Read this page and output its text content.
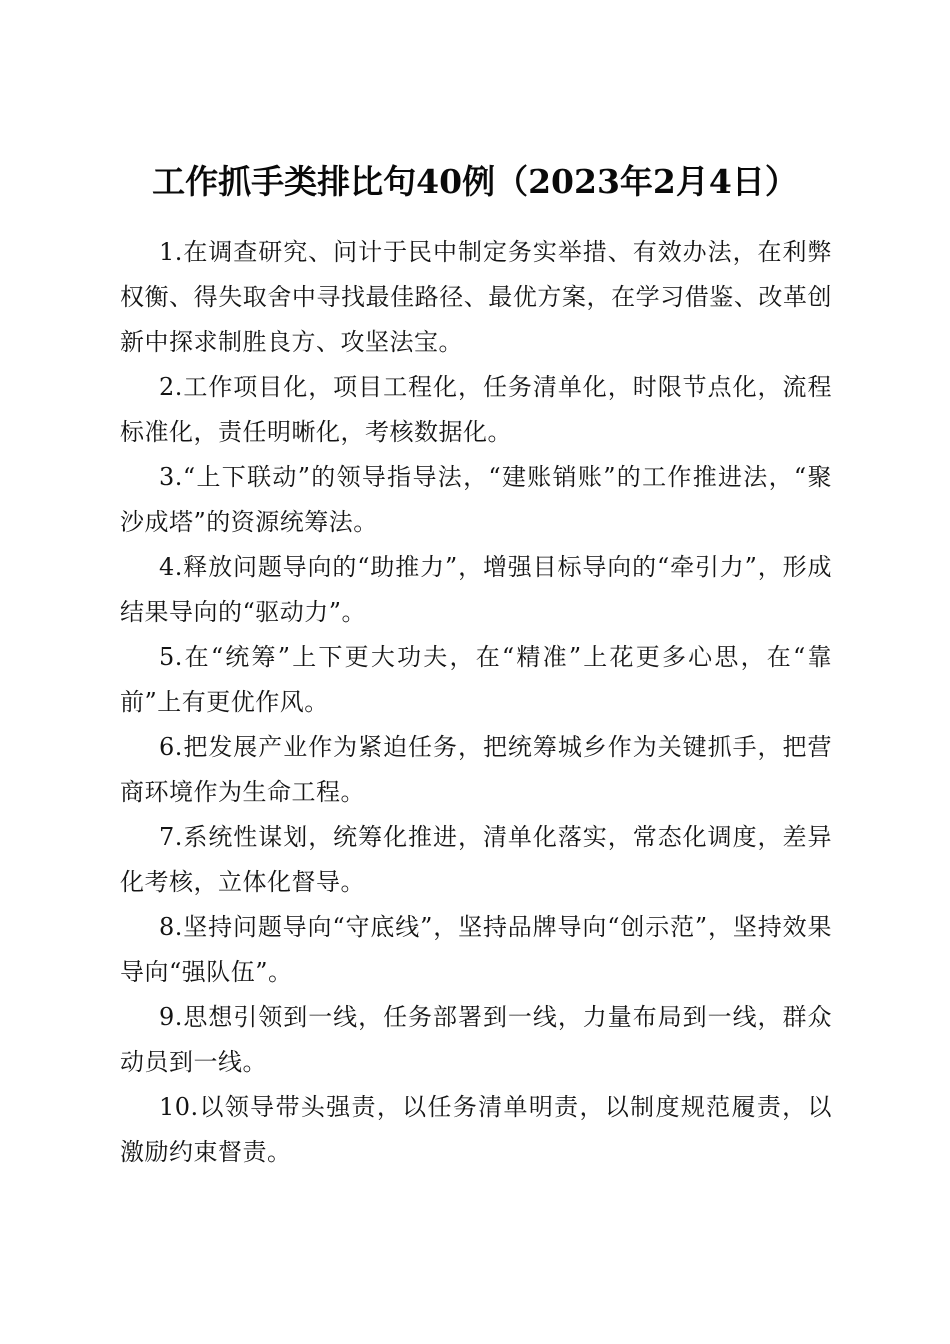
工作抓手类排比句40例（2023年2月4日）

1.在调查研究、问计于民中制定务实举措、有效办法，在利弊权衡、得失取舍中寻找最佳路径、最优方案，在学习借鉴、改革创新中探求制胜良方、攻坚法宝。

2.工作项目化，项目工程化，任务清单化，时限节点化，流程标准化，责任明晰化，考核数据化。

3.“上下联动”的领导指导法，“建账销账”的工作推进法，“聚沙成塔”的资源统筹法。

4.释放问题导向的“助推力”，增强目标导向的“牵引力”，形成结果导向的“驱动力”。

5.在“统筹”上下更大功夫，在“精准”上花更多心思，在“靠前”上有更优作风。

6.把发展产业作为紧迫任务，把统筹城乡作为关键抓手，把营商环境作为生命工程。

7.系统性谋划，统筹化推进，清单化落实，常态化调度，差异化考核，立体化督导。

8.坚持问题导向“守底线”，坚持品牌导向“创示范”，坚持效果导向“强队伍”。

9.思想引领到一线，任务部署到一线，力量布局到一线，群众动员到一线。

10.以领导带头强责，以任务清单明责，以制度规范履责，以激励约束督责。
